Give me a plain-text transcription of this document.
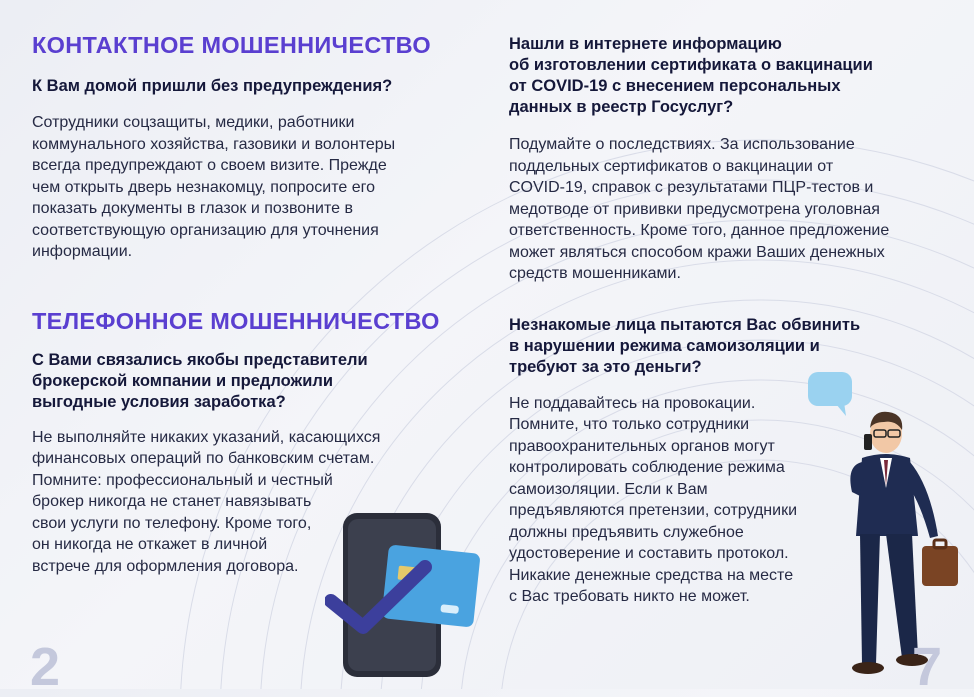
КОНТАКТНОЕ МОШЕННИЧЕСТВО

К Вам домой пришли без предупреждения?

Сотрудники соцзащиты, медики, работники
коммунального хозяйства, газовики и волонтеры
всегда предупреждают о своем визите. Прежде
чем открыть дверь незнакомцу, попросите его
показать документы в глазок и позвоните в
соответствующую организацию для уточнения
информации.

ТЕЛЕФОННОЕ МОШЕННИЧЕСТВО

С Вами связались якобы представители
брокерской компании и предложили
выгодные условия заработка?

Не выполняйте никаких указаний, касающихся
финансовых операций по банковским счетам.
Помните: профессиональный и честный
брокер никогда не станет навязывать
свои услуги по телефону. Кроме того,
он никогда не откажет в личной
встрече для оформления договора.

Нашли в интернете информацию
об изготовлении сертификата о вакцинации
от COVID-19 с внесением персональных
данных в реестр Госуслуг?

Подумайте о последствиях. За использование
поддельных сертификатов о вакцинации от
COVID-19, справок с результатами ПЦР-тестов и
медотводе от прививки предусмотрена уголовная
ответственность. Кроме того, данное предложение
может являться способом кражи Ваших денежных
средств мошенниками.

Незнакомые лица пытаются Вас обвинить
в нарушении режима самоизоляции и
требуют за это деньги?

Не поддавайтесь на провокации.
Помните, что только сотрудники
правоохранительных органов могут
контролировать соблюдение режима
самоизоляции. Если к Вам
предъявляются претензии, сотрудники
должны предъявить служебное
удостоверение и составить протокол.
Никакие денежные средства на месте
с Вас требовать никто не может.

2	7
